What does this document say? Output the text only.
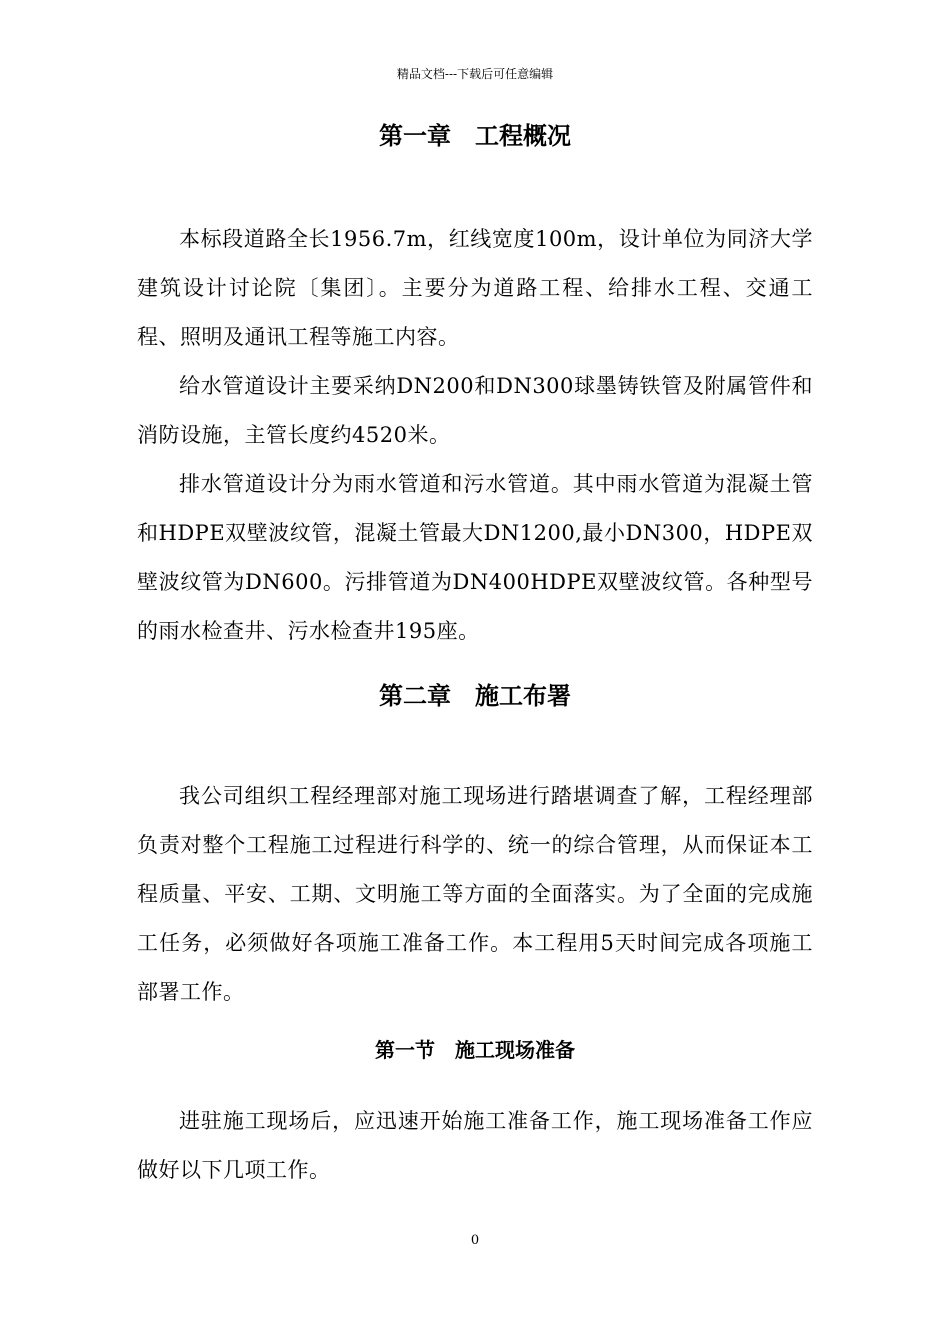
精品文档---下载后可任意编辑
第一章　工程概况
本标段道路全长1956.7m，红线宽度100m，设计单位为同济大学建筑设计讨论院〔集团〕。主要分为道路工程、给排水工程、交通工程、照明及通讯工程等施工内容。
给水管道设计主要采纳DN200和DN300球墨铸铁管及附属管件和消防设施，主管长度约4520米。
排水管道设计分为雨水管道和污水管道。其中雨水管道为混凝土管和HDPE双壁波纹管，混凝土管最大DN1200,最小DN300，HDPE双壁波纹管为DN600。污排管道为DN400HDPE双壁波纹管。各种型号的雨水检查井、污水检查井195座。
第二章　施工布署
我公司组织工程经理部对施工现场进行踏堪调查了解，工程经理部负责对整个工程施工过程进行科学的、统一的综合管理，从而保证本工程质量、平安、工期、文明施工等方面的全面落实。为了全面的完成施工任务，必须做好各项施工准备工作。本工程用5天时间完成各项施工部署工作。
第一节　施工现场准备
进驻施工现场后，应迅速开始施工准备工作，施工现场准备工作应做好以下几项工作。
0
